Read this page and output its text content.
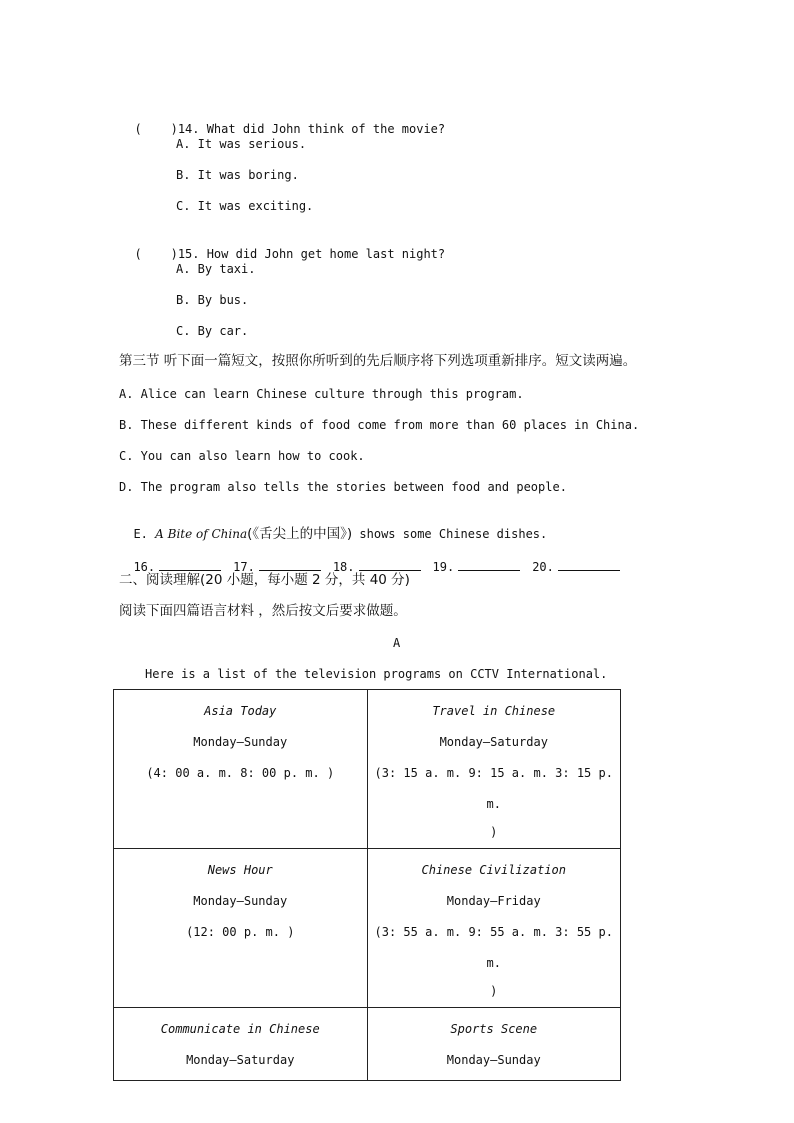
(    )14. What did John think of the movie?

A. It was serious.
B. It was boring.
C. It was exciting.

(    )15. How did John get home last night?

A. By taxi.
B. By bus.
C. By car.
第三节 听下面一篇短文，按照你所听到的先后顺序将下列选项重新排序。短文读两遍。
A. Alice can learn Chinese culture through this program.
B. These different kinds of food come from more than 60 places in China.
C. You can also learn how to cook.
D. The program also tells the stories between food and people.

E. A Bite of China(《舌尖上的中国》) shows some Chinese dishes.

16.	17.	18.	19.	20.

二、阅读理解(20 小题，每小题 2 分，共 40 分)
阅读下面四篇语言材料 ，然后按文后要求做题。
A
Here is a list of the television programs on CCTV International.
Asia Today
Monday—Sunday
(4: 00 a. m. 8: 00 p. m. )	Travel in Chinese
Monday—Saturday
(3: 15 a. m. 9: 15 a. m. 3: 15 p. m.
)

News Hour
Monday—Sunday
(12: 00 p. m. )	Chinese Civilization
Monday—Friday
(3: 55 a. m. 9: 55 a. m. 3: 55 p. m.
)

Communicate in Chinese
Monday—Saturday	Sports Scene
Monday—Sunday
